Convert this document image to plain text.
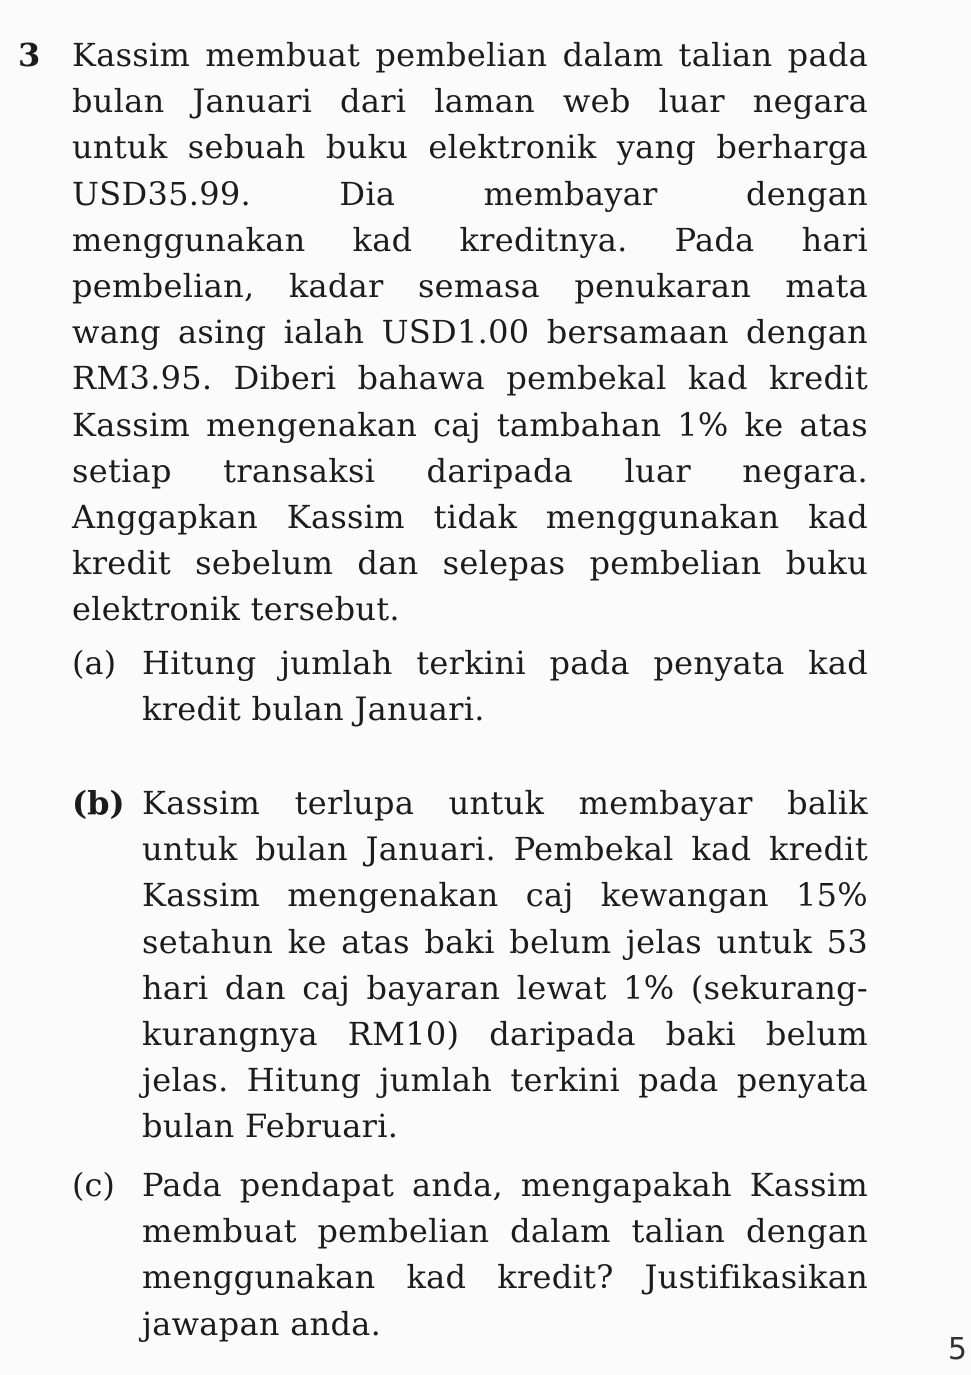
3 Kassim membuat pembelian dalam talian pada bulan Januari dari laman web luar negara untuk sebuah buku elektronik yang berharga USD35.99. Dia membayar dengan menggunakan kad kreditnya. Pada hari pembelian, kadar semasa penukaran mata wang asing ialah USD1.00 bersamaan dengan RM3.95. Diberi bahawa pembekal kad kredit Kassim mengenakan caj tambahan 1% ke atas setiap transaksi daripada luar negara. Anggapkan Kassim tidak menggunakan kad kredit sebelum dan selepas pembelian buku elektronik tersebut.
(a) Hitung jumlah terkini pada penyata kad kredit bulan Januari.
(b) Kassim terlupa untuk membayar balik untuk bulan Januari. Pembekal kad kredit Kassim mengenakan caj kewangan 15% setahun ke atas baki belum jelas untuk 53 hari dan caj bayaran lewat 1% (sekurang-kurangnya RM10) daripada baki belum jelas. Hitung jumlah terkini pada penyata bulan Februari.
(c) Pada pendapat anda, mengapakah Kassim membuat pembelian dalam talian dengan menggunakan kad kredit? Justifikasikan jawapan anda.
5
